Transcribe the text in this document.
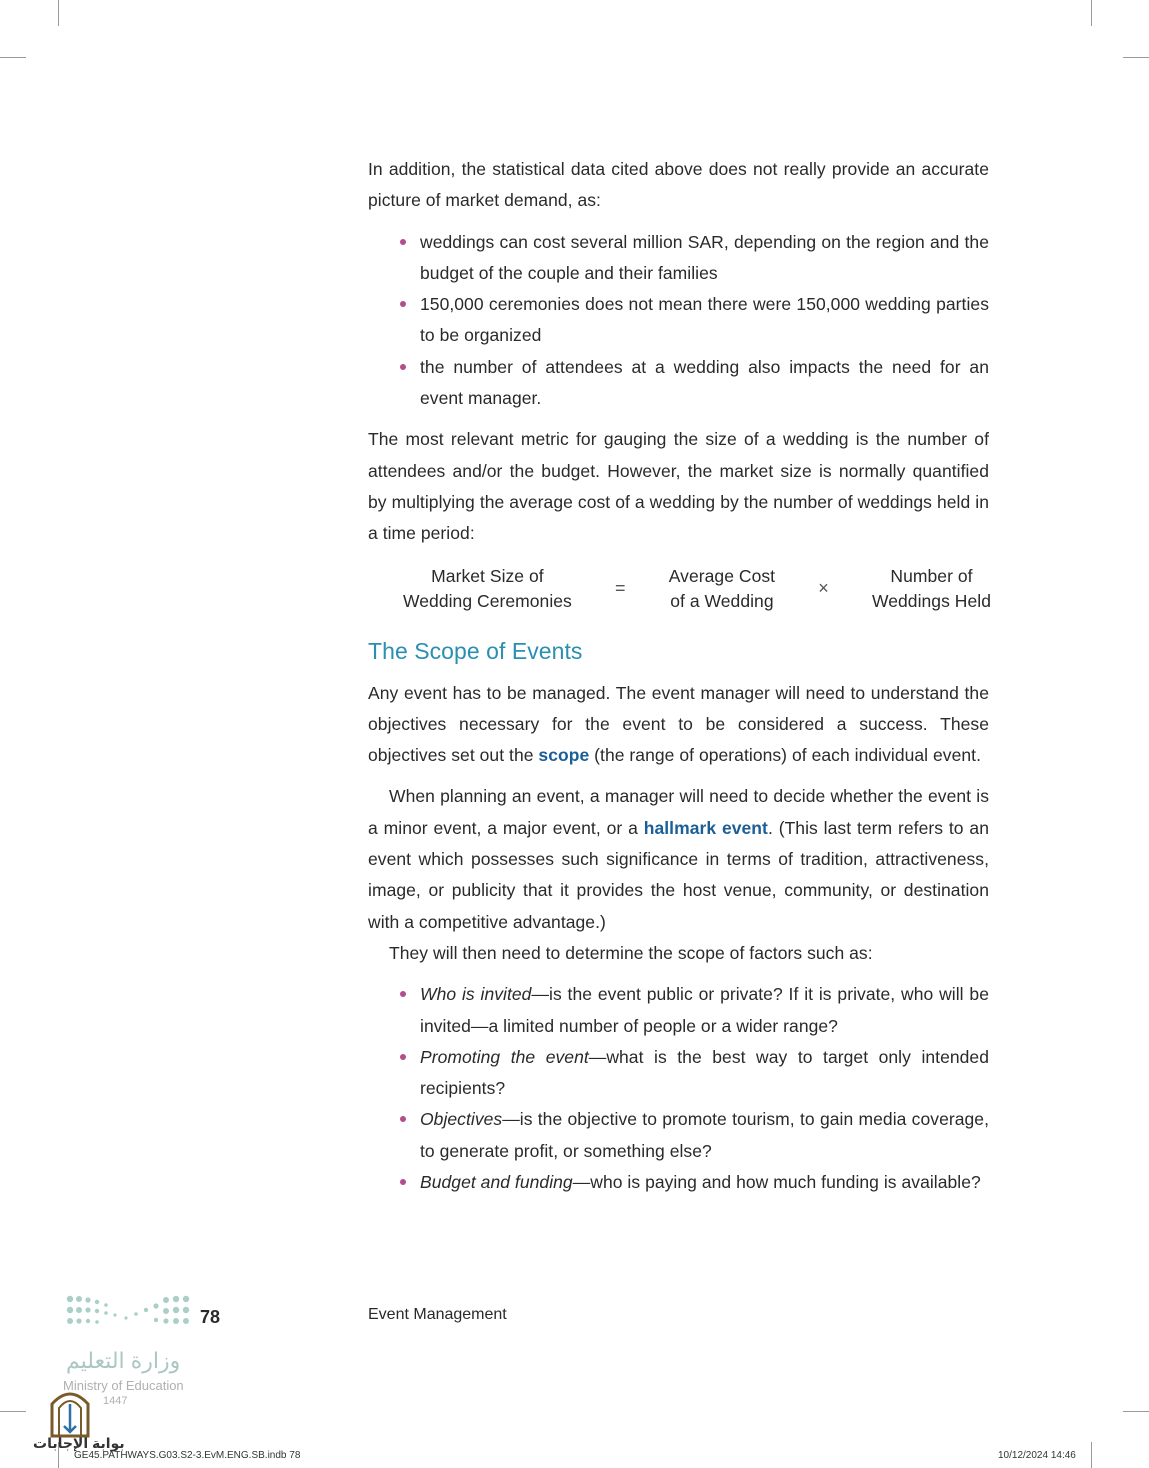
In addition, the statistical data cited above does not really provide an accurate picture of market demand, as:

weddings can cost several million SAR, depending on the region and the budget of the couple and their families
150,000 ceremonies does not mean there were 150,000 wedding parties to be organized
the number of attendees at a wedding also impacts the need for an event manager.

The most relevant metric for gauging the size of a wedding is the number of attendees and/or the budget. However, the market size is normally quantified by multiplying the average cost of a wedding by the number of weddings held in a time period:

Market Size of
Wedding Ceremonies
=
Average Cost
of a Wedding
×
Number of
Weddings Held
The Scope of Events

Any event has to be managed. The event manager will need to understand the objectives necessary for the event to be considered a success. These objectives set out the scope (the range of operations) of each individual event.

When planning an event, a manager will need to decide whether the event is a minor event, a major event, or a hallmark event. (This last term refers to an event which possesses such significance in terms of tradition, attractiveness, image, or publicity that it provides the host venue, community, or destination with a competitive advantage.)

They will then need to determine the scope of factors such as:

Who is invited—is the event public or private? If it is private, who will be invited—a limited number of people or a wider range?
Promoting the event—what is the best way to target only intended recipients?
Objectives—is the objective to promote tourism, to gain media coverage, to generate profit, or something else?
Budget and funding—who is paying and how much funding is available?
78	Event Management
وزارة التعليم
Ministry of Education
1447
بوابة الإجابات
GE45.PATHWAYS.G03.S2-3.EvM.ENG.SB.indb 78	10/12/2024 14:46
